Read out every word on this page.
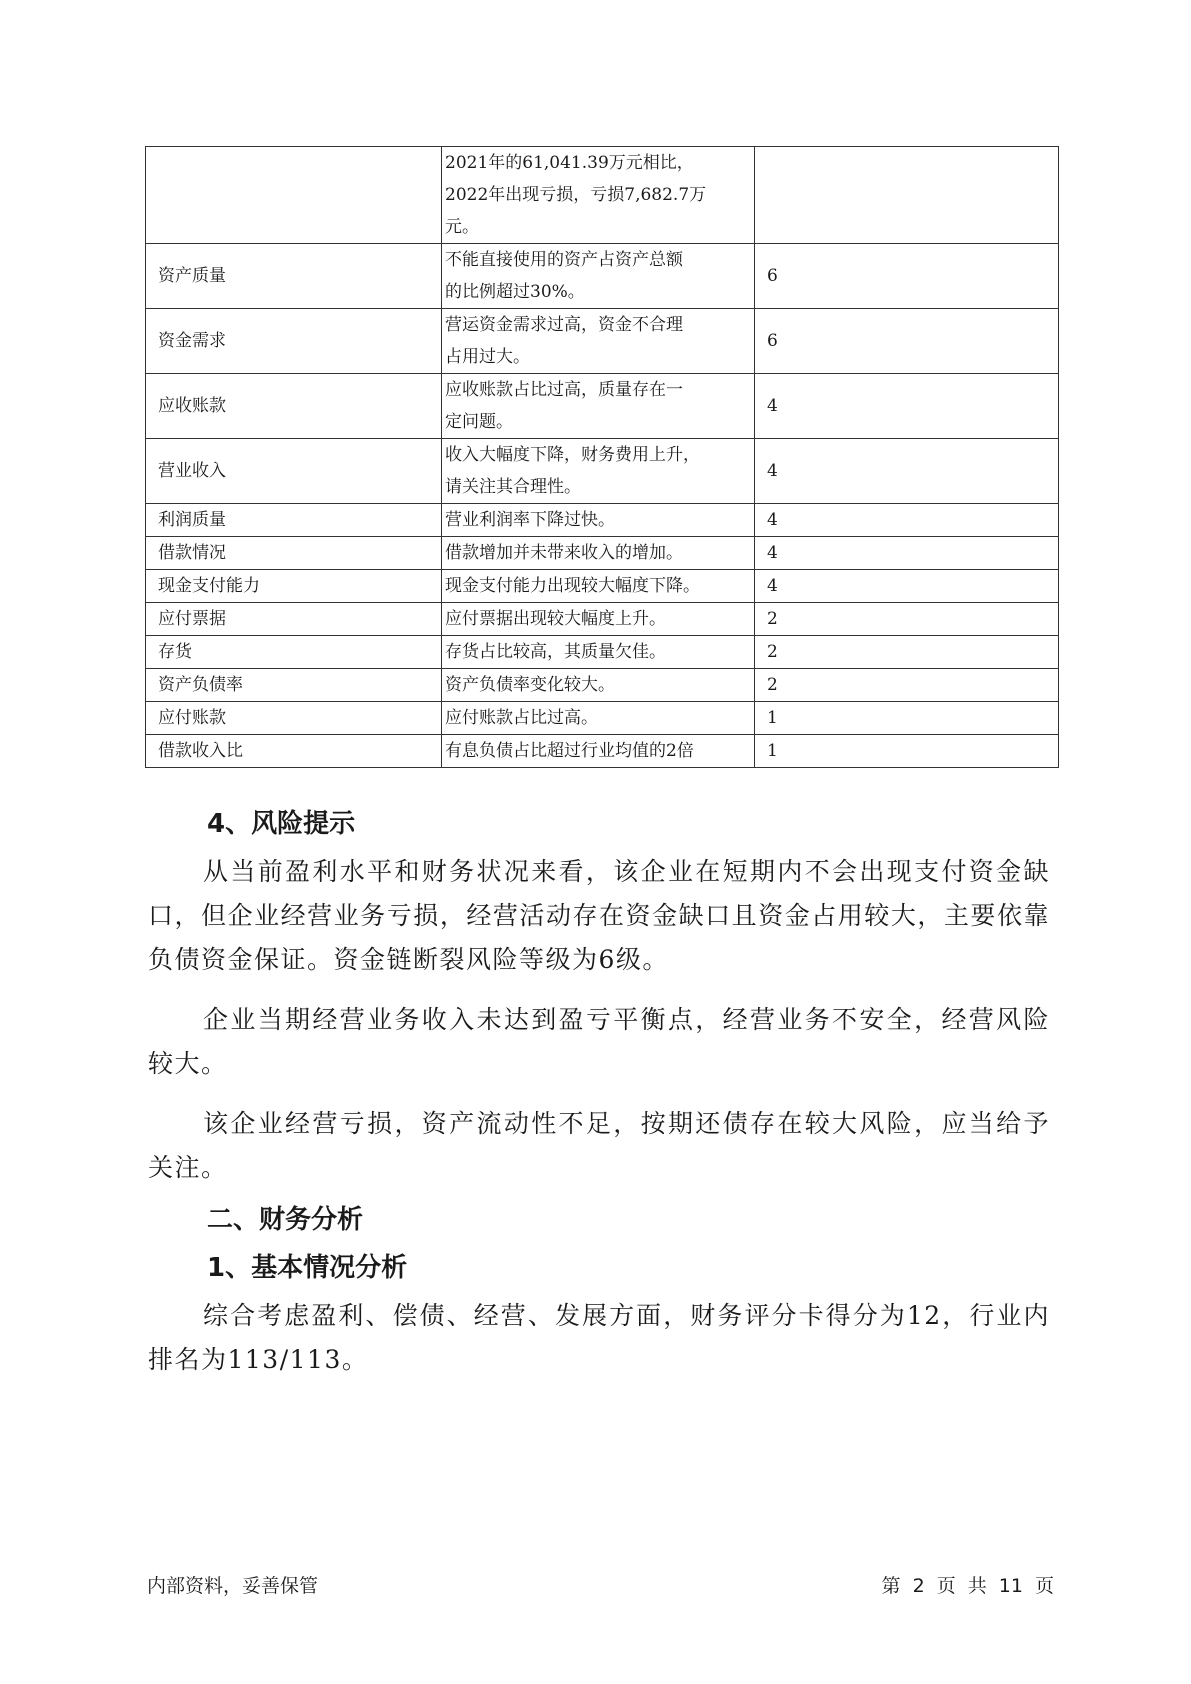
	2021年的61,041.39万元相比，
2022年出现亏损，亏损7,682.7万
元。	

资产质量	不能直接使用的资产占资产总额
的比例超过30%。	6
资金需求	营运资金需求过高，资金不合理
占用过大。	6
应收账款	应收账款占比过高，质量存在一
定问题。	4
营业收入	收入大幅度下降，财务费用上升，
请关注其合理性。	4
利润质量	营业利润率下降过快。	4
借款情况	借款增加并未带来收入的增加。	4
现金支付能力	现金支付能力出现较大幅度下降。	4
应付票据	应付票据出现较大幅度上升。	2
存货	存货占比较高，其质量欠佳。	2
资产负债率	资产负债率变化较大。	2
应付账款	应付账款占比过高。	1
借款收入比	有息负债占比超过行业均值的2倍	1
4、风险提示

从当前盈利水平和财务状况来看，该企业在短期内不会出现支付资金缺口，但企业经营业务亏损，经营活动存在资金缺口且资金占用较大，主要依靠负债资金保证。资金链断裂风险等级为6级。

企业当期经营业务收入未达到盈亏平衡点，经营业务不安全，经营风险较大。

该企业经营亏损，资产流动性不足，按期还债存在较大风险，应当给予关注。

二、财务分析
1、基本情况分析

综合考虑盈利、偿债、经营、发展方面，财务评分卡得分为12，行业内排名为113/113。

内部资料，妥善保管	第 2 页 共 11 页
